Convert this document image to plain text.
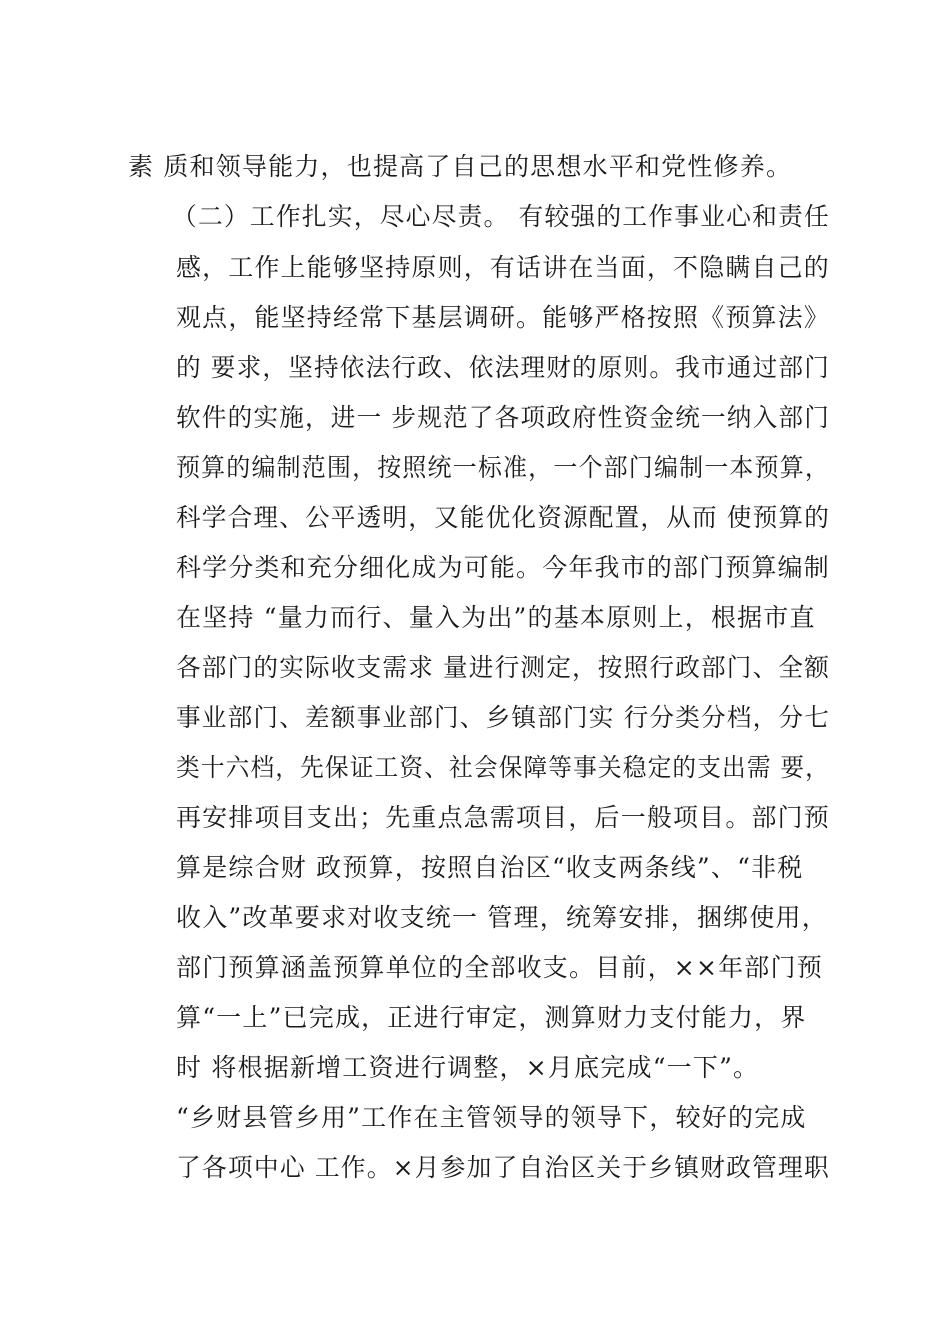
素 质和领导能力，也提高了自己的思想水平和党性修养。
（二）工作扎实，尽心尽责。 有较强的工作事业心和责任
感，工作上能够坚持原则，有话讲在当面，不隐瞒自己的
观点，能坚持经常下基层调研。能够严格按照《预算法》
的 要求，坚持依法行政、依法理财的原则。我市通过部门
软件的实施，进一 步规范了各项政府性资金统一纳入部门
预算的编制范围，按照统一标准，一个部门编制一本预算，
科学合理、公平透明，又能优化资源配置，从而 使预算的
科学分类和充分细化成为可能。今年我市的部门预算编制
在坚持 “量力而行、量入为出”的基本原则上，根据市直
各部门的实际收支需求 量进行测定，按照行政部门、全额
事业部门、差额事业部门、乡镇部门实 行分类分档，分七
类十六档，先保证工资、社会保障等事关稳定的支出需 要，
再安排项目支出；先重点急需项目，后一般项目。部门预
算是综合财 政预算，按照自治区“收支两条线”、“非税
收入”改革要求对收支统一 管理，统筹安排，捆绑使用，
部门预算涵盖预算单位的全部收支。目前，××年部门预
算“一上”已完成，正进行审定，测算财力支付能力，界
时 将根据新增工资进行调整，×月底完成“一下”。
“乡财县管乡用”工作在主管领导的领导下，较好的完成
了各项中心 工作。×月参加了自治区关于乡镇财政管理职
